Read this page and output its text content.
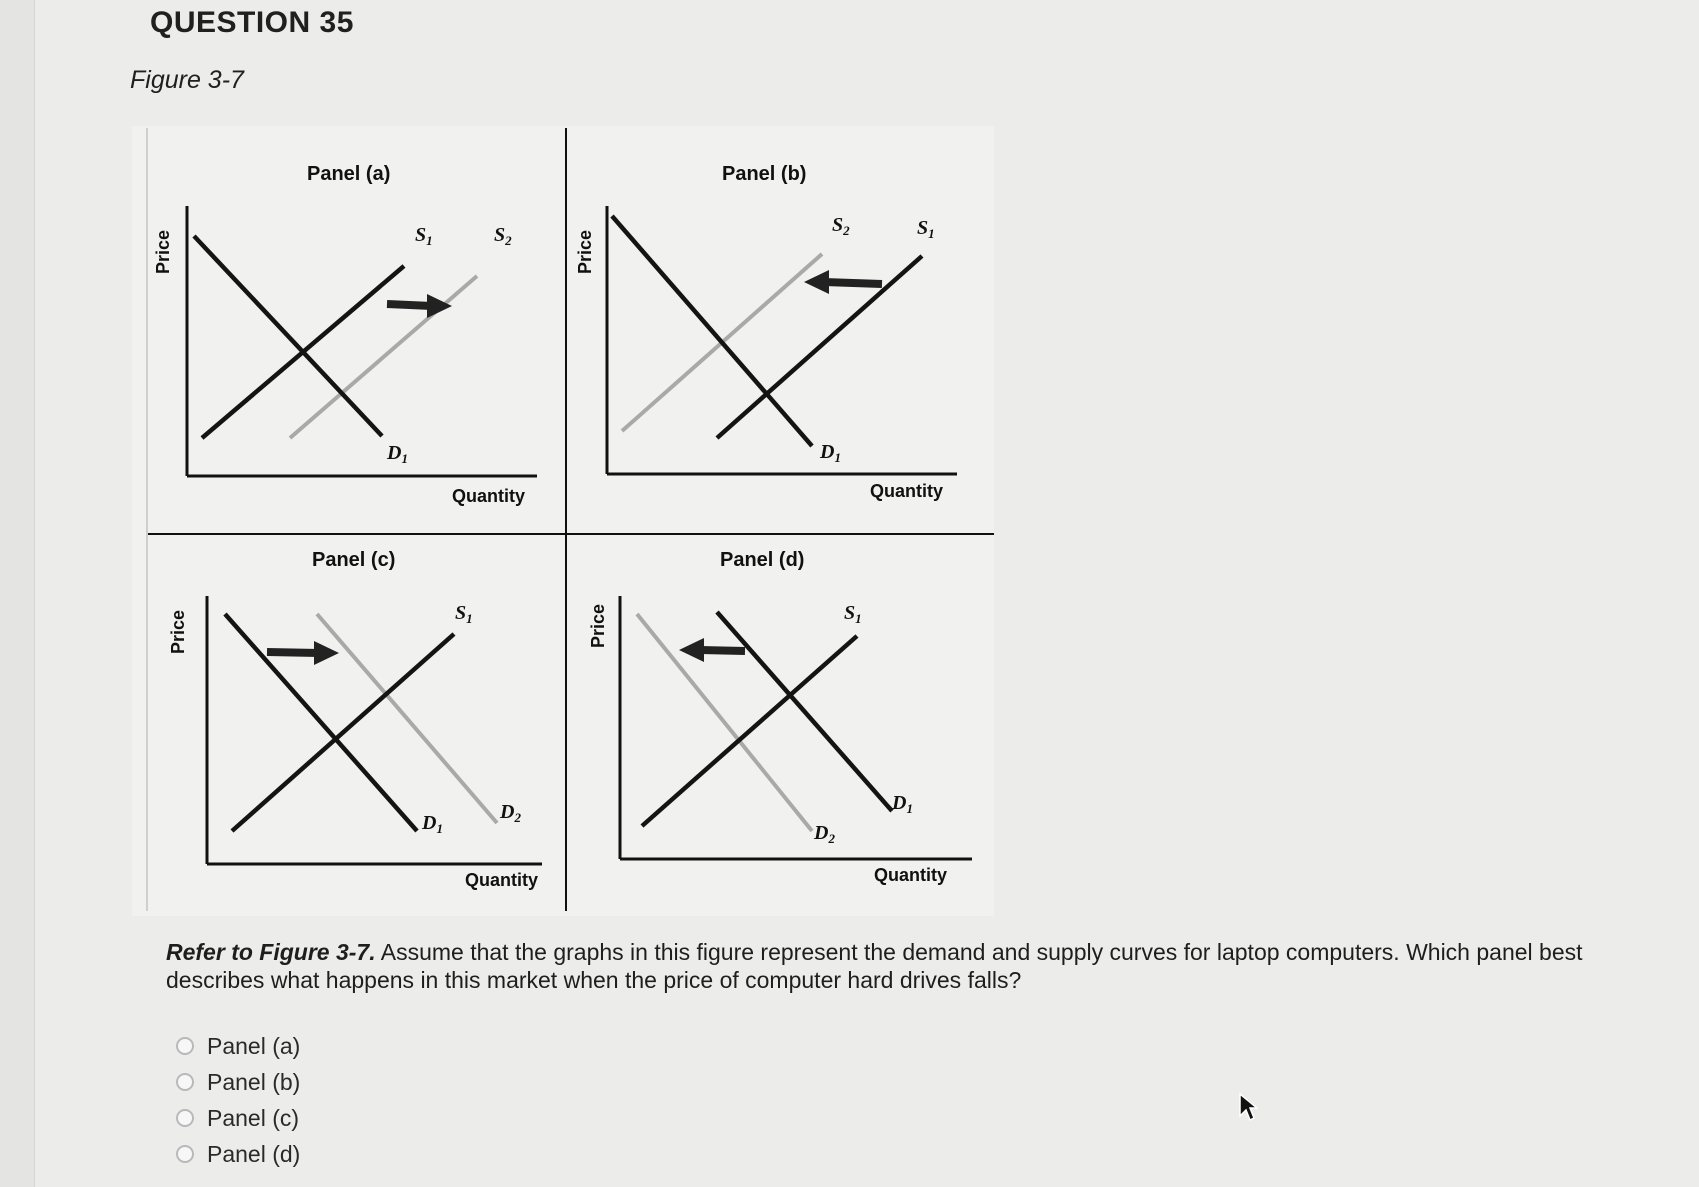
QUESTION 35
Figure 3-7
Panel (a)
Price	$S_1$	$S_2$
$D_1$
Quantity
Panel (b)
Price
$S_2$	$S_1$
$D_1$
Quantity
Panel (c)
Price	$S_1$
$D_1$
$D_2$
Quantity
Panel (d)
Price	$S_1$
$D_1$
$D_2$
Quantity
Refer to Figure 3-7. Assume that the graphs in this figure represent the demand and supply curves for laptop computers. Which panel best describes what happens in this market when the price of computer hard drives falls?
Panel (a)
Panel (b)
Panel (c)
Panel (d)
